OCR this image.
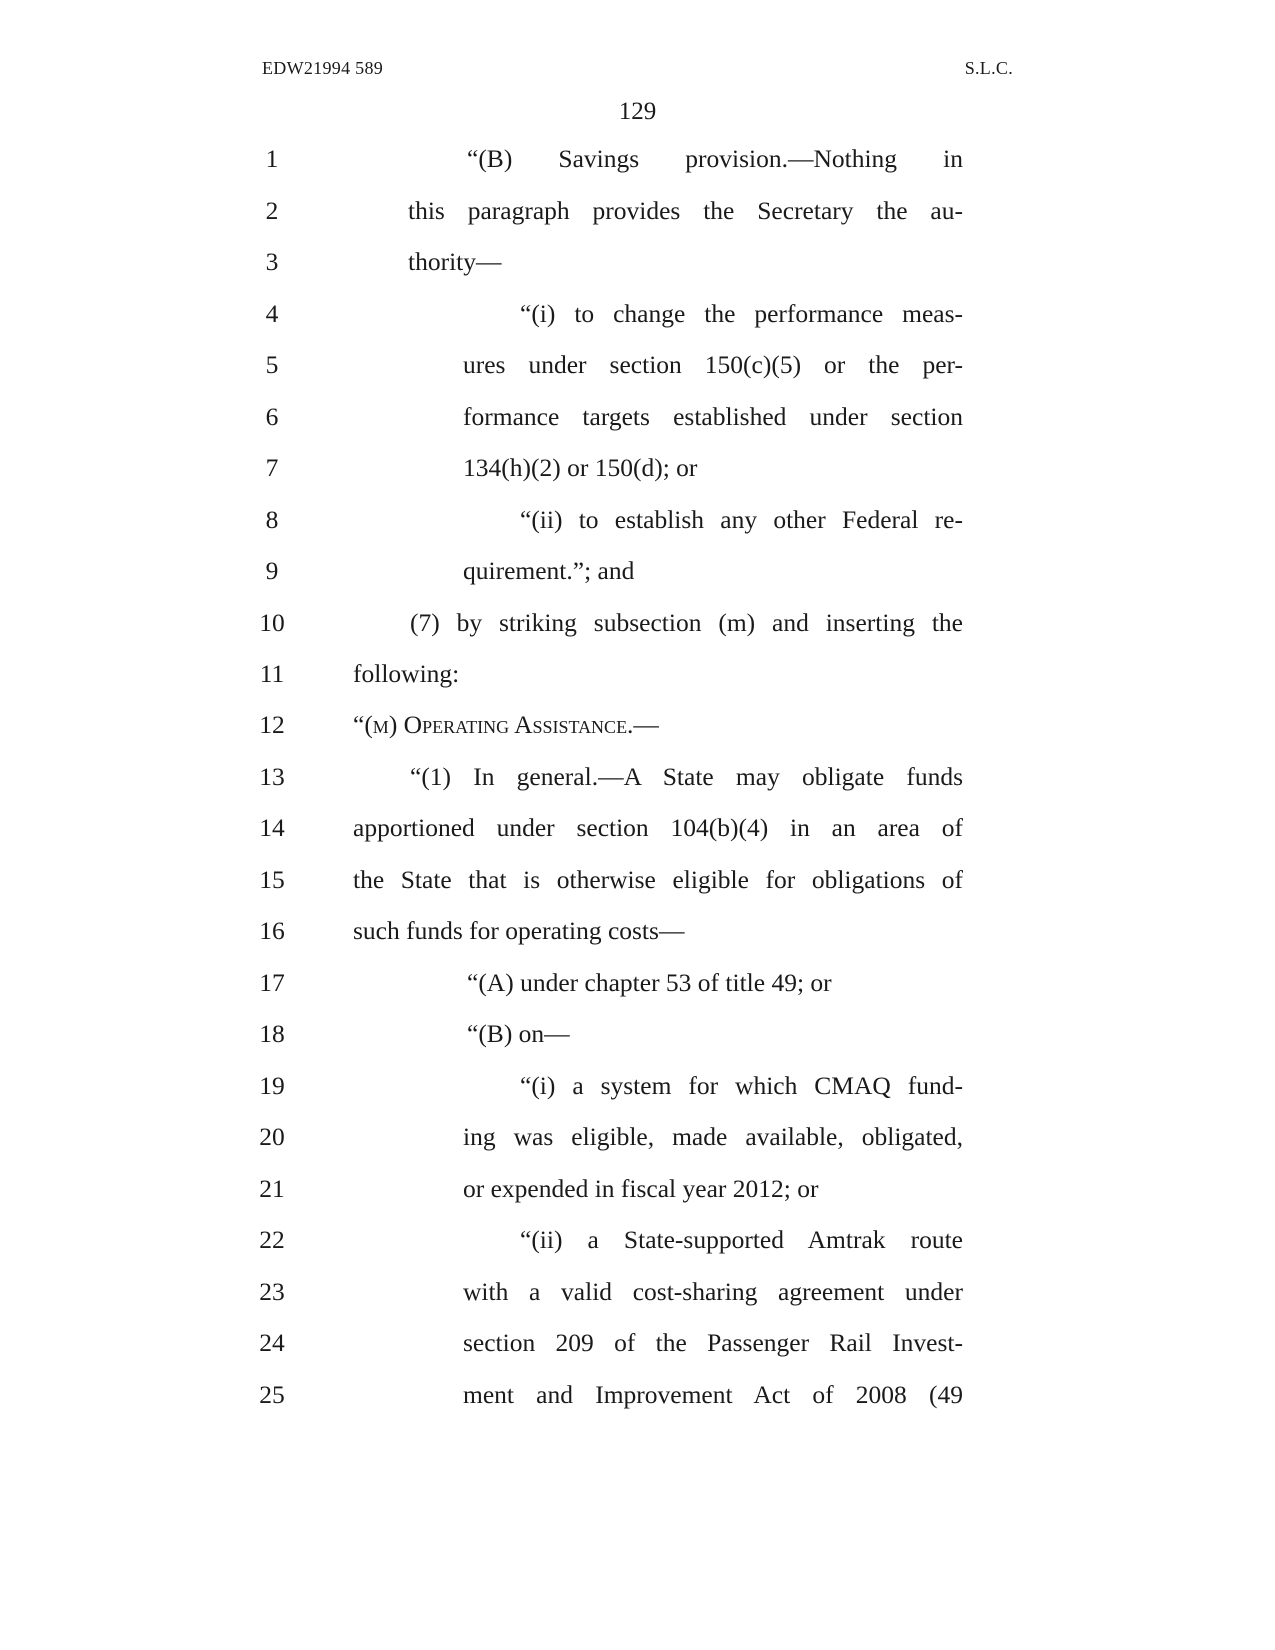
EDW21994 589	S.L.C.
129
1	“(B) Savings provision.—Nothing in
2	this paragraph provides the Secretary the au-
3	thority—
4	“(i) to change the performance meas-
5	ures under section 150(c)(5) or the per-
6	formance targets established under section
7	134(h)(2) or 150(d); or
8	“(ii) to establish any other Federal re-
9	quirement.”; and
10	(7) by striking subsection (m) and inserting the
11	following:
12	“(m) Operating Assistance.—
13	“(1) In general.—A State may obligate funds
14	apportioned under section 104(b)(4) in an area of
15	the State that is otherwise eligible for obligations of
16	such funds for operating costs—
17	“(A) under chapter 53 of title 49; or
18	“(B) on—
19	“(i) a system for which CMAQ fund-
20	ing was eligible, made available, obligated,
21	or expended in fiscal year 2012; or
22	“(ii) a State-supported Amtrak route
23	with a valid cost-sharing agreement under
24	section 209 of the Passenger Rail Invest-
25	ment and Improvement Act of 2008 (49
